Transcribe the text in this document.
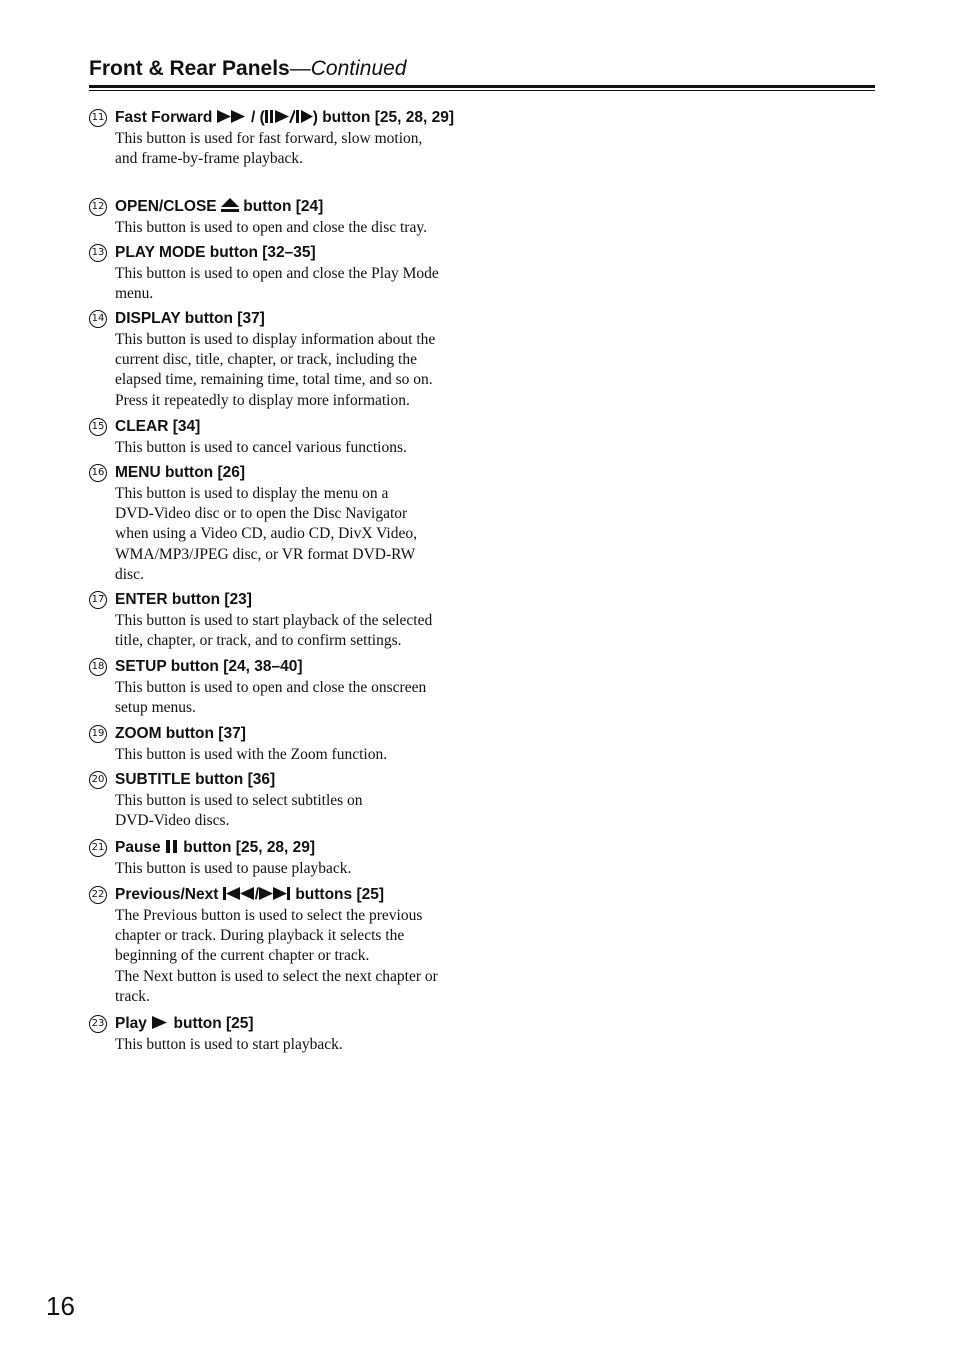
Front & Rear Panels—Continued
11 Fast Forward / (	) button [25, 28, 29]
This button is used for fast forward, slow motion,
and frame-by-frame playback.
12 OPEN/CLOSE button [24]
This button is used to open and close the disc tray.
13 PLAY MODE button [32–35]
This button is used to open and close the Play Mode
menu.
14 DISPLAY button [37]
This button is used to display information about the
current disc, title, chapter, or track, including the
elapsed time, remaining time, total time, and so on.
Press it repeatedly to display more information.
15 CLEAR [34]
This button is used to cancel various functions.
16 MENU button [26]
This button is used to display the menu on a
DVD-Video disc or to open the Disc Navigator
when using a Video CD, audio CD, DivX Video,
WMA/MP3/JPEG disc, or VR format DVD-RW
disc.
17 ENTER button [23]
This button is used to start playback of the selected
title, chapter, or track, and to confirm settings.
18 SETUP button [24, 38–40]
This button is used to open and close the onscreen
setup menus.
19 ZOOM button [37]
This button is used with the Zoom function.
20 SUBTITLE button [36]
This button is used to select subtitles on
DVD-Video discs.
21 Pause button [25, 28, 29]
This button is used to pause playback.
22 Previous/Next / buttons [25]
The Previous button is used to select the previous
chapter or track. During playback it selects the
beginning of the current chapter or track.
The Next button is used to select the next chapter or
track.
23 Play button [25]
This button is used to start playback.
16
